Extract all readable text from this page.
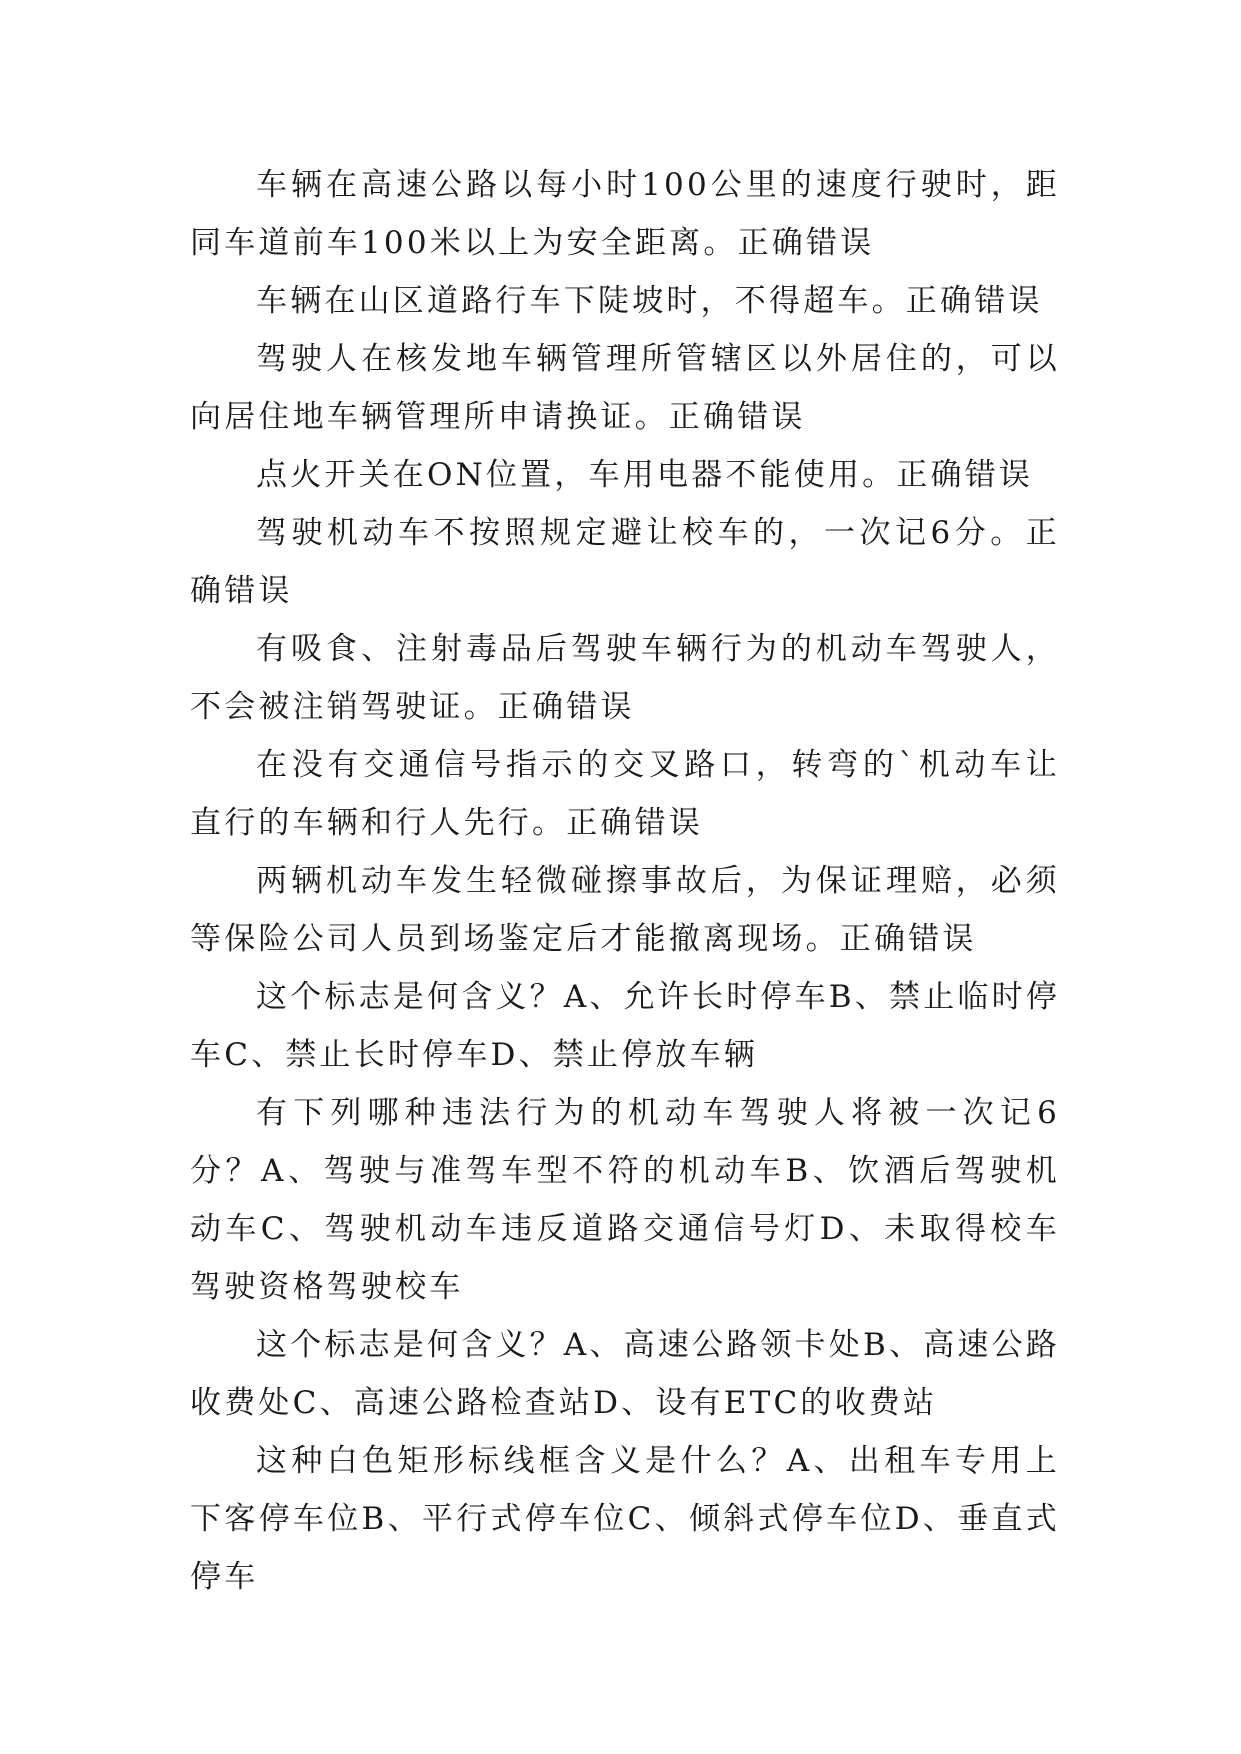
车辆在高速公路以每小时100公里的速度行驶时，距同车道前车100米以上为安全距离。正确错误

车辆在山区道路行车下陡坡时，不得超车。正确错误

驾驶人在核发地车辆管理所管辖区以外居住的，可以向居住地车辆管理所申请换证。正确错误

点火开关在ON位置，车用电器不能使用。正确错误

驾驶机动车不按照规定避让校车的，一次记6分。正确错误

有吸食、注射毒品后驾驶车辆行为的机动车驾驶人，不会被注销驾驶证。正确错误

在没有交通信号指示的交叉路口，转弯的`机动车让直行的车辆和行人先行。正确错误

两辆机动车发生轻微碰擦事故后，为保证理赔，必须等保险公司人员到场鉴定后才能撤离现场。正确错误

这个标志是何含义？A、允许长时停车B、禁止临时停车C、禁止长时停车D、禁止停放车辆

有下列哪种违法行为的机动车驾驶人将被一次记6分？A、驾驶与准驾车型不符的机动车B、饮酒后驾驶机动车C、驾驶机动车违反道路交通信号灯D、未取得校车驾驶资格驾驶校车

这个标志是何含义？A、高速公路领卡处B、高速公路收费处C、高速公路检查站D、设有ETC的收费站

这种白色矩形标线框含义是什么？A、出租车专用上下客停车位B、平行式停车位C、倾斜式停车位D、垂直式停车
